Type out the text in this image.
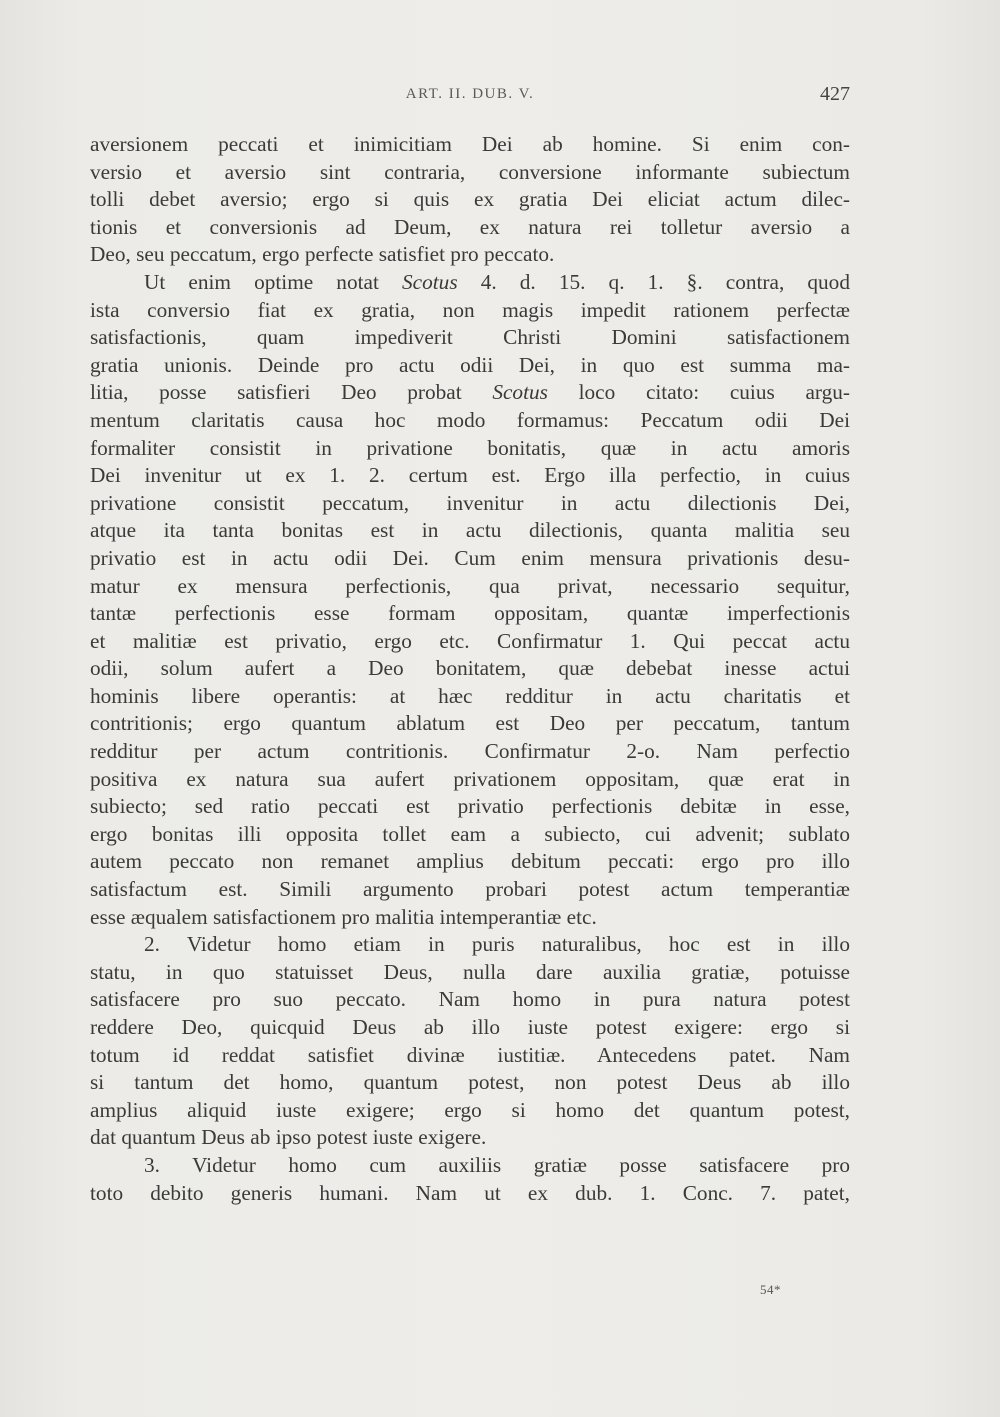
ART. II. DUB. V.	427
aversionem peccati et inimicitiam Dei ab homine. Si enim con-
versio et aversio sint contraria, conversione informante subiectum
tolli debet aversio; ergo si quis ex gratia Dei eliciat actum dilec-
tionis et conversionis ad Deum, ex natura rei tolletur aversio a
Deo, seu peccatum, ergo perfecte satisfiet pro peccato.
Ut enim optime notat Scotus 4. d. 15. q. 1. §. contra, quod
ista conversio fiat ex gratia, non magis impedit rationem perfectæ
satisfactionis, quam impediverit Christi Domini satisfactionem
gratia unionis. Deinde pro actu odii Dei, in quo est summa ma-
litia, posse satisfieri Deo probat Scotus loco citato: cuius argu-
mentum claritatis causa hoc modo formamus: Peccatum odii Dei
formaliter consistit in privatione bonitatis, quæ in actu amoris
Dei invenitur ut ex 1. 2. certum est. Ergo illa perfectio, in cuius
privatione consistit peccatum, invenitur in actu dilectionis Dei,
atque ita tanta bonitas est in actu dilectionis, quanta malitia seu
privatio est in actu odii Dei. Cum enim mensura privationis desu-
matur ex mensura perfectionis, qua privat, necessario sequitur,
tantæ perfectionis esse formam oppositam, quantæ imperfectionis
et malitiæ est privatio, ergo etc. Confirmatur 1. Qui peccat actu
odii, solum aufert a Deo bonitatem, quæ debebat inesse actui
hominis libere operantis: at hæc redditur in actu charitatis et
contritionis; ergo quantum ablatum est Deo per peccatum, tantum
redditur per actum contritionis. Confirmatur 2-o. Nam perfectio
positiva ex natura sua aufert privationem oppositam, quæ erat in
subiecto; sed ratio peccati est privatio perfectionis debitæ in esse,
ergo bonitas illi opposita tollet eam a subiecto, cui advenit; sublato
autem peccato non remanet amplius debitum peccati: ergo pro illo
satisfactum est. Simili argumento probari potest actum temperantiæ
esse æqualem satisfactionem pro malitia intemperantiæ etc.
2. Videtur homo etiam in puris naturalibus, hoc est in illo
statu, in quo statuisset Deus, nulla dare auxilia gratiæ, potuisse
satisfacere pro suo peccato. Nam homo in pura natura potest
reddere Deo, quicquid Deus ab illo iuste potest exigere: ergo si
totum id reddat satisfiet divinæ iustitiæ. Antecedens patet. Nam
si tantum det homo, quantum potest, non potest Deus ab illo
amplius aliquid iuste exigere; ergo si homo det quantum potest,
dat quantum Deus ab ipso potest iuste exigere.
3. Videtur homo cum auxiliis gratiæ posse satisfacere pro
toto debito generis humani. Nam ut ex dub. 1. Conc. 7. patet,
54*
